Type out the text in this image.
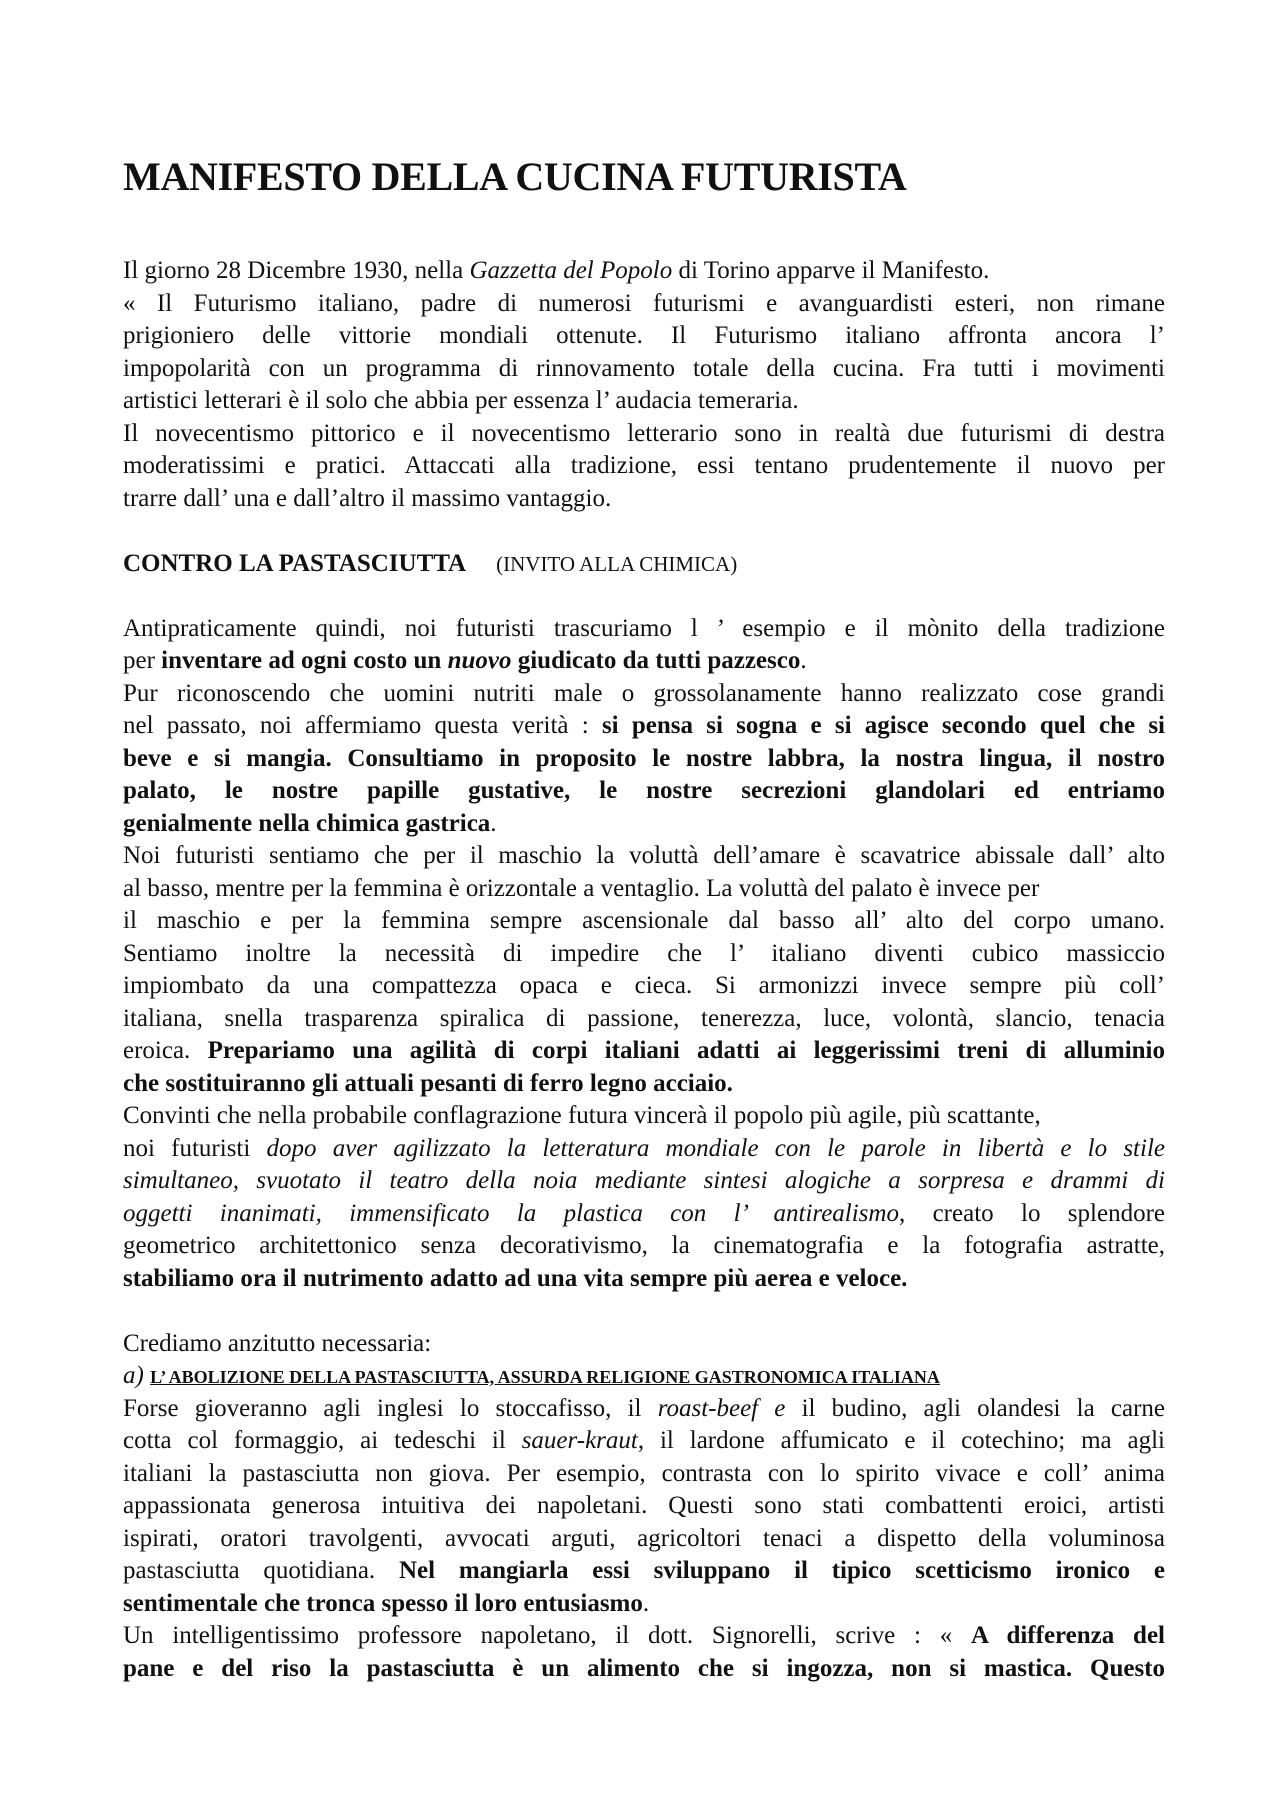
MANIFESTO DELLA CUCINA FUTURISTA
Il giorno 28 Dicembre 1930, nella Gazzetta del Popolo di Torino apparve il Manifesto.
« Il Futurismo italiano, padre di numerosi futurismi e avanguardisti esteri, non rimane
prigioniero delle vittorie mondiali ottenute. Il Futurismo italiano affronta ancora l’
impopolarità con un programma di rinnovamento totale della cucina. Fra tutti i movimenti
artistici letterari è il solo che abbia per essenza l’ audacia temeraria.
Il novecentismo pittorico e il novecentismo letterario sono in realtà due futurismi di destra
moderatissimi e pratici. Attaccati alla tradizione, essi tentano prudentemente il nuovo per
trarre dall’ una e dall’altro il massimo vantaggio.
CONTRO LA PASTASCIUTTA (INVITO ALLA CHIMICA)
Antipraticamente quindi, noi futuristi trascuriamo l ’ esempio e il mònito della tradizione
per inventare ad ogni costo un nuovo giudicato da tutti pazzesco.
Pur riconoscendo che uomini nutriti male o grossolanamente hanno realizzato cose grandi
nel passato, noi affermiamo questa verità : si pensa si sogna e si agisce secondo quel che si
beve e si mangia. Consultiamo in proposito le nostre labbra, la nostra lingua, il nostro
palato, le nostre papille gustative, le nostre secrezioni glandolari ed entriamo
genialmente nella chimica gastrica.
Noi futuristi sentiamo che per il maschio la voluttà dell’amare è scavatrice abissale dall’ alto
al basso, mentre per la femmina è orizzontale a ventaglio. La voluttà del palato è invece per
il maschio e per la femmina sempre ascensionale dal basso all’ alto del corpo umano.
Sentiamo inoltre la necessità di impedire che l’ italiano diventi cubico massiccio
impiombato da una compattezza opaca e cieca. Si armonizzi invece sempre più coll’
italiana, snella trasparenza spiralica di passione, tenerezza, luce, volontà, slancio, tenacia
eroica. Prepariamo una agilità di corpi italiani adatti ai leggerissimi treni di alluminio
che sostituiranno gli attuali pesanti di ferro legno acciaio.
Convinti che nella probabile conflagrazione futura vincerà il popolo più agile, più scattante,
noi futuristi dopo aver agilizzato la letteratura mondiale con le parole in libertà e lo stile
simultaneo, svuotato il teatro della noia mediante sintesi alogiche a sorpresa e drammi di
oggetti inanimati, immensificato la plastica con l’ antirealismo, creato lo splendore
geometrico architettonico senza decorativismo, la cinematografia e la fotografia astratte,
stabiliamo ora il nutrimento adatto ad una vita sempre più aerea e veloce.
Crediamo anzitutto necessaria:
a) L’ ABOLIZIONE DELLA PASTASCIUTTA, ASSURDA RELIGIONE GASTRONOMICA ITALIANA
Forse gioveranno agli inglesi lo stoccafisso, il roast-beef e il budino, agli olandesi la carne
cotta col formaggio, ai tedeschi il sauer-kraut, il lardone affumicato e il cotechino; ma agli
italiani la pastasciutta non giova. Per esempio, contrasta con lo spirito vivace e coll’ anima
appassionata generosa intuitiva dei napoletani. Questi sono stati combattenti eroici, artisti
ispirati, oratori travolgenti, avvocati arguti, agricoltori tenaci a dispetto della voluminosa
pastasciutta quotidiana. Nel mangiarla essi sviluppano il tipico scetticismo ironico e
sentimentale che tronca spesso il loro entusiasmo.
Un intelligentissimo professore napoletano, il dott. Signorelli, scrive : « A differenza del
pane e del riso la pastasciutta è un alimento che si ingozza, non si mastica. Questo
